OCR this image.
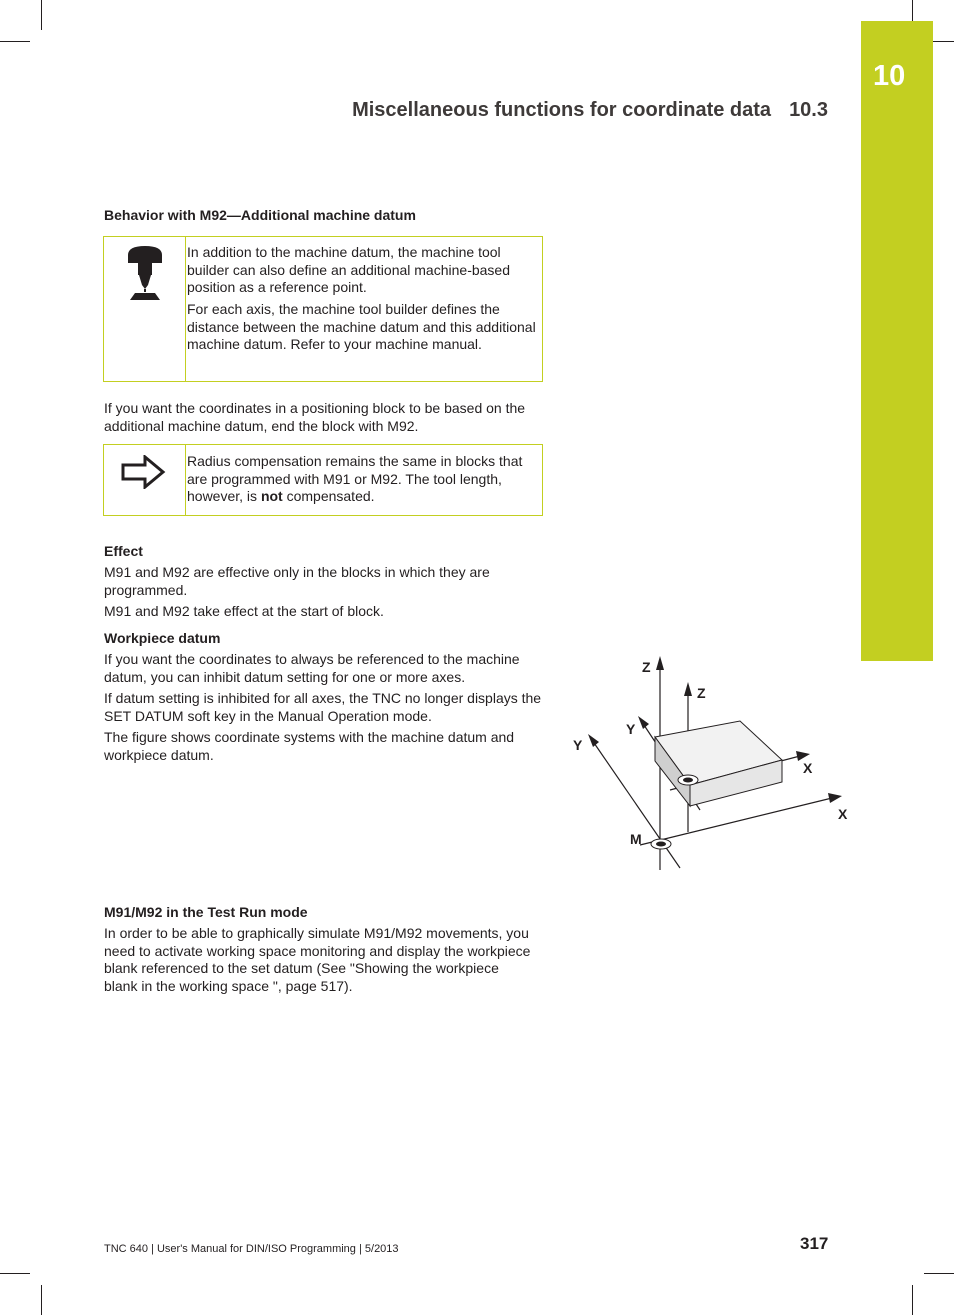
10
Miscellaneous functions for coordinate data 10.3
Behavior with M92—Additional machine datum
In addition to the machine datum, the machine tool builder can also define an additional machine-based position as a reference point.
For each axis, the machine tool builder defines the distance between the machine datum and this additional machine datum. Refer to your machine manual.
If you want the coordinates in a positioning block to be based on the additional machine datum, end the block with M92.
Radius compensation remains the same in blocks that are programmed with M91 or M92. The tool length, however, is not compensated.
Effect
M91 and M92 are effective only in the blocks in which they are programmed.
M91 and M92 take effect at the start of block.
Workpiece datum
If you want the coordinates to always be referenced to the machine datum, you can inhibit datum setting for one or more axes.
If datum setting is inhibited for all axes, the TNC no longer displays the SET DATUM soft key in the Manual Operation mode.
The figure shows coordinate systems with the machine datum and workpiece datum.
Z
Z
Y
Y
X
X
M
M91/M92 in the Test Run mode
In order to be able to graphically simulate M91/M92 movements, you need to activate working space monitoring and display the workpiece blank referenced to the set datum (See "Showing the workpiece blank in the working space ", page 517).
TNC 640 | User's Manual for DIN/ISO Programming | 5/2013	317
